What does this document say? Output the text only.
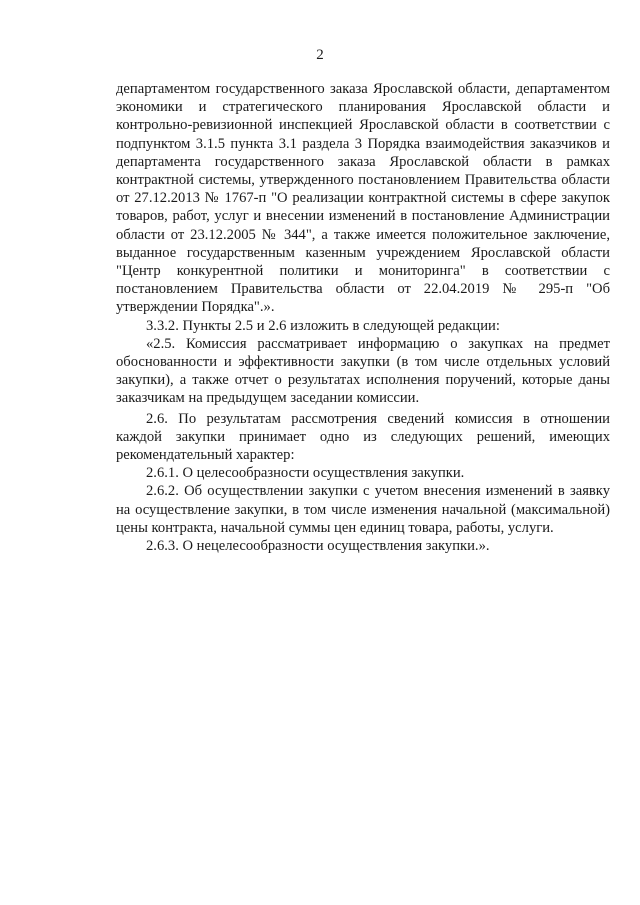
2

департаментом государственного заказа Ярославской области, департаментом экономики и стратегического планирования Ярославской области и контрольно-ревизионной инспекцией Ярославской области в соответствии с подпунктом 3.1.5 пункта 3.1 раздела 3 Порядка взаимодействия заказчиков и департамента государственного заказа Ярославской области в рамках контрактной системы, утвержденного постановлением Правительства области от 27.12.2013 № 1767-п "О реализации контрактной системы в сфере закупок товаров, работ, услуг и внесении изменений в постановление Администрации области от 23.12.2005 № 344", а также имеется положительное заключение, выданное государственным казенным учреждением Ярославской области "Центр конкурентной политики и мониторинга" в соответствии с постановлением Правительства области от 22.04.2019 № 295-п "Об утверждении Порядка".».

3.3.2. Пункты 2.5 и 2.6 изложить в следующей редакции:

«2.5. Комиссия рассматривает информацию о закупках на предмет обоснованности и эффективности закупки (в том числе отдельных условий закупки), а также отчет о результатах исполнения поручений, которые даны заказчикам на предыдущем заседании комиссии.

2.6. По результатам рассмотрения сведений комиссия в отношении каждой закупки принимает одно из следующих решений, имеющих рекомендательный характер:

2.6.1. О целесообразности осуществления закупки.

2.6.2. Об осуществлении закупки с учетом внесения изменений в заявку на осуществление закупки, в том числе изменения начальной (максимальной) цены контракта, начальной суммы цен единиц товара, работы, услуги.

2.6.3. О нецелесообразности осуществления закупки.».
